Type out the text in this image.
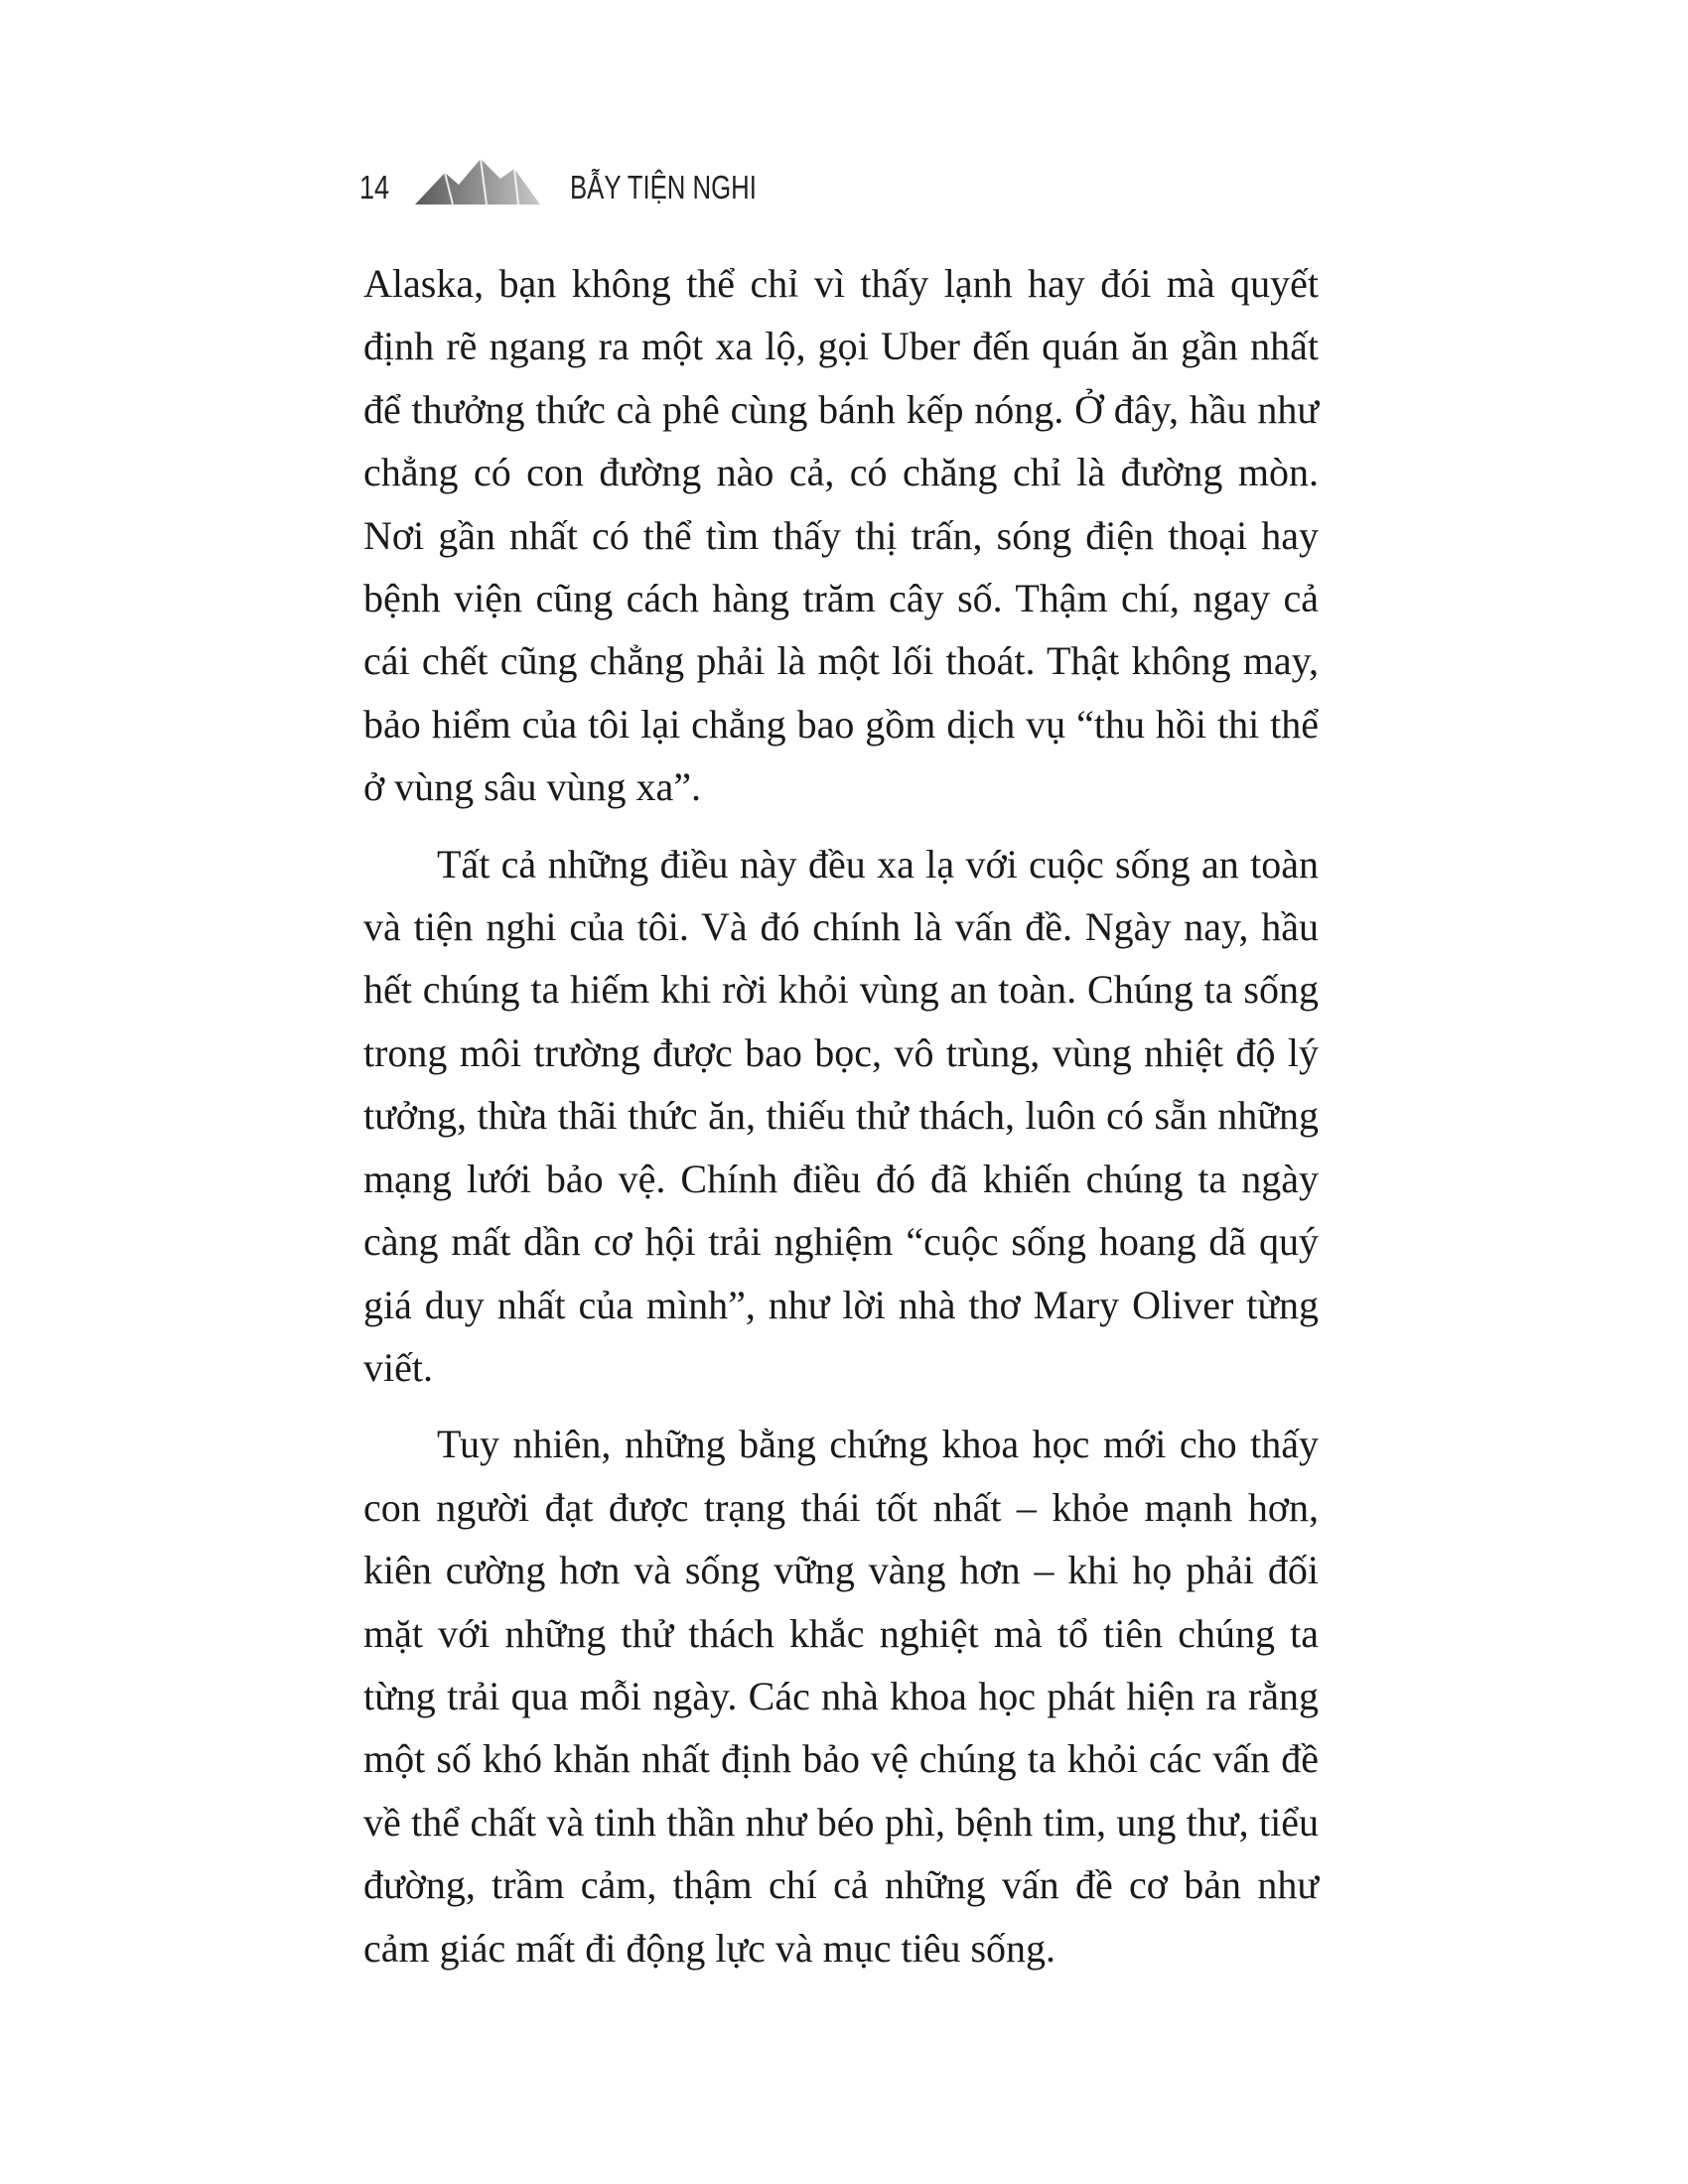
14	BẪY TIỆN NGHI

Alaska, bạn không thể chỉ vì thấy lạnh hay đói mà quyết định rẽ ngang ra một xa lộ, gọi Uber đến quán ăn gần nhất để thưởng thức cà phê cùng bánh kếp nóng. Ở đây, hầu như chẳng có con đường nào cả, có chăng chỉ là đường mòn. Nơi gần nhất có thể tìm thấy thị trấn, sóng điện thoại hay bệnh viện cũng cách hàng trăm cây số. Thậm chí, ngay cả cái chết cũng chẳng phải là một lối thoát. Thật không may, bảo hiểm của tôi lại chẳng bao gồm dịch vụ “thu hồi thi thể ở vùng sâu vùng xa”.

Tất cả những điều này đều xa lạ với cuộc sống an toàn và tiện nghi của tôi. Và đó chính là vấn đề. Ngày nay, hầu hết chúng ta hiếm khi rời khỏi vùng an toàn. Chúng ta sống trong môi trường được bao bọc, vô trùng, vùng nhiệt độ lý tưởng, thừa thãi thức ăn, thiếu thử thách, luôn có sẵn những mạng lưới bảo vệ. Chính điều đó đã khiến chúng ta ngày càng mất dần cơ hội trải nghiệm “cuộc sống hoang dã quý giá duy nhất của mình”, như lời nhà thơ Mary Oliver từng viết.

Tuy nhiên, những bằng chứng khoa học mới cho thấy con người đạt được trạng thái tốt nhất – khỏe mạnh hơn, kiên cường hơn và sống vững vàng hơn – khi họ phải đối mặt với những thử thách khắc nghiệt mà tổ tiên chúng ta từng trải qua mỗi ngày. Các nhà khoa học phát hiện ra rằng một số khó khăn nhất định bảo vệ chúng ta khỏi các vấn đề về thể chất và tinh thần như béo phì, bệnh tim, ung thư, tiểu đường, trầm cảm, thậm chí cả những vấn đề cơ bản như cảm giác mất đi động lực và mục tiêu sống.
